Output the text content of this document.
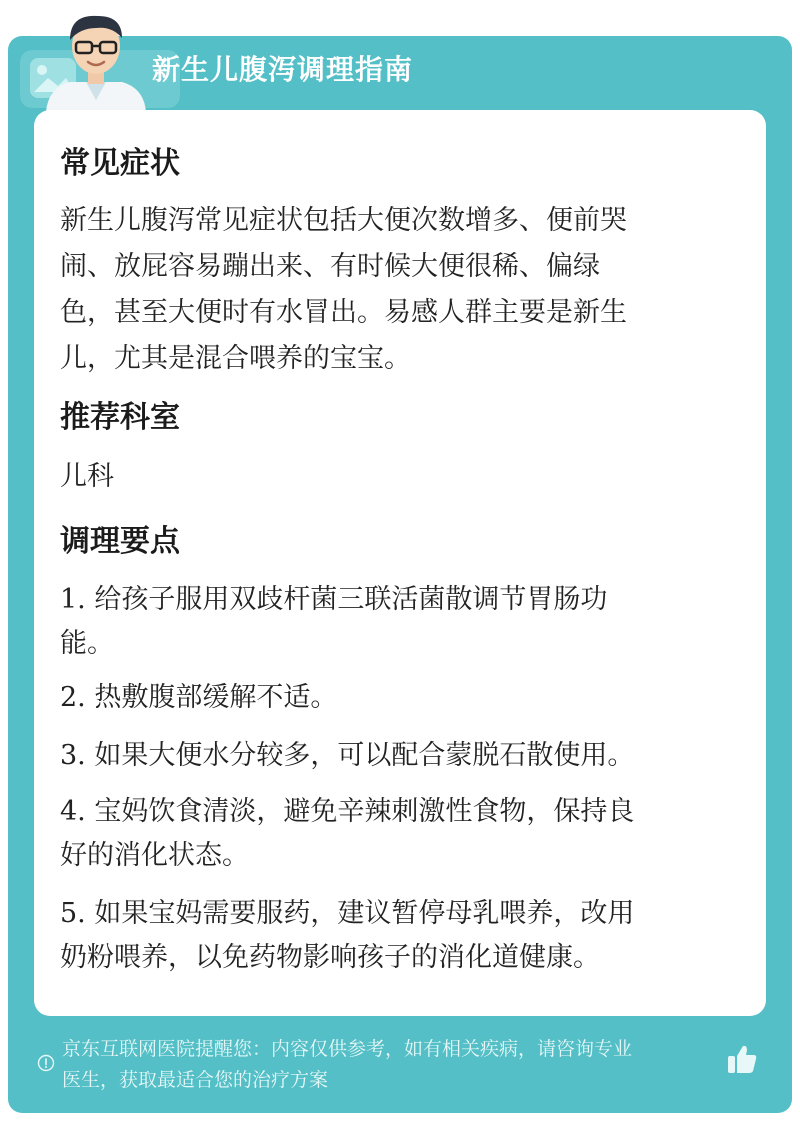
新生儿腹泻调理指南
常见症状
新生儿腹泻常见症状包括大便次数增多、便前哭
闹、放屁容易蹦出来、有时候大便很稀、偏绿
色，甚至大便时有水冒出。易感人群主要是新生
儿，尤其是混合喂养的宝宝。
推荐科室
儿科
调理要点
1. 给孩子服用双歧杆菌三联活菌散调节胃肠功
能。
2. 热敷腹部缓解不适。
3. 如果大便水分较多，可以配合蒙脱石散使用。
4. 宝妈饮食清淡，避免辛辣刺激性食物，保持良
好的消化状态。
5. 如果宝妈需要服药，建议暂停母乳喂养，改用
奶粉喂养，以免药物影响孩子的消化道健康。
京东互联网医院提醒您：内容仅供参考，如有相关疾病，请咨询专业
医生，获取最适合您的治疗方案
